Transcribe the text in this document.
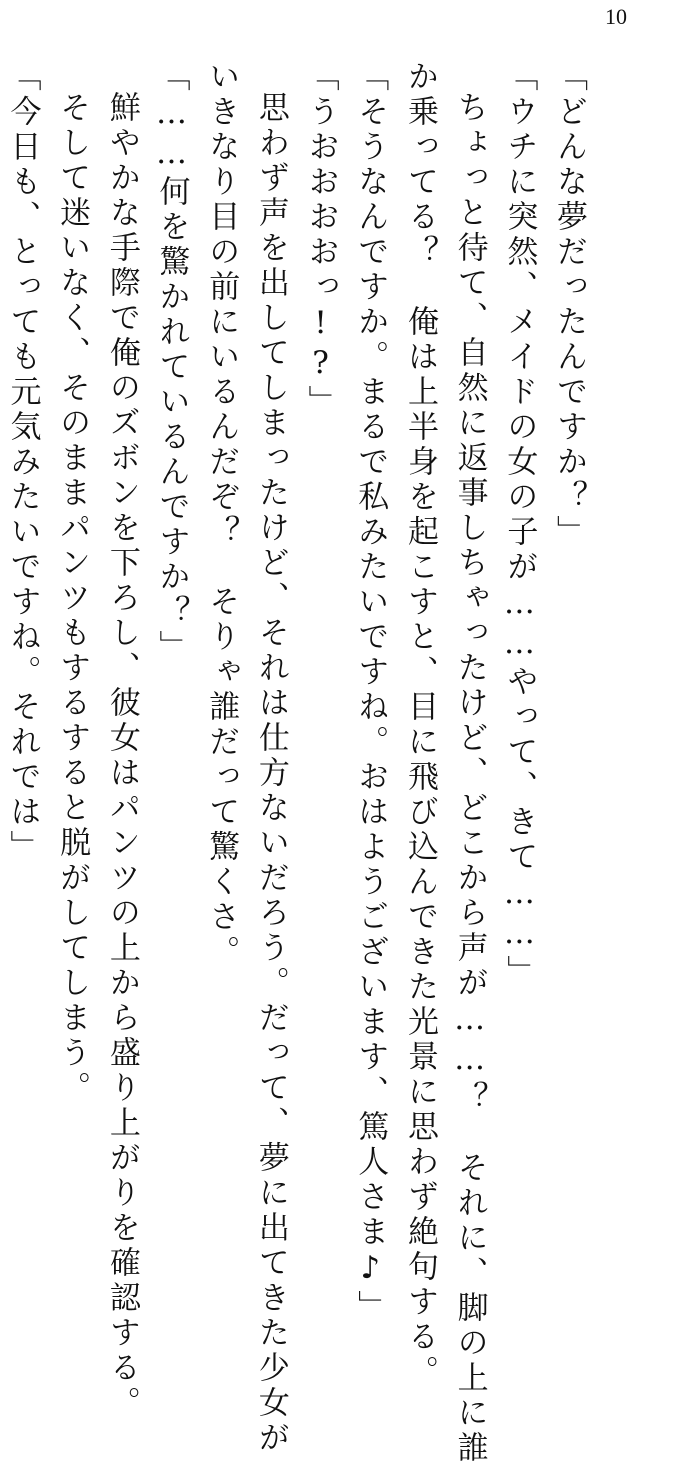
10
「どんな夢だったんですか？」
「ウチに突然、メイドの女の子が……やって、きて……」
ちょっと待て、自然に返事しちゃったけど、どこから声が……？　それに、脚の上に誰
か乗ってる？　俺は上半身を起こすと、目に飛び込んできた光景に思わず絶句する。
「そうなんですか。まるで私みたいですね。おはようございます、篤人さま♪」
「うおおおおっ!?」
思わず声を出してしまったけど、それは仕方ないだろう。だって、夢に出てきた少女が
いきなり目の前にいるんだぞ？　そりゃ誰だって驚くさ。
「……何を驚かれているんですか？」
鮮やかな手際で俺のズボンを下ろし、彼女はパンツの上から盛り上がりを確認する。
そして迷いなく、そのままパンツもするすると脱がしてしまう。
「今日も、とっても元気みたいですね。それでは」
